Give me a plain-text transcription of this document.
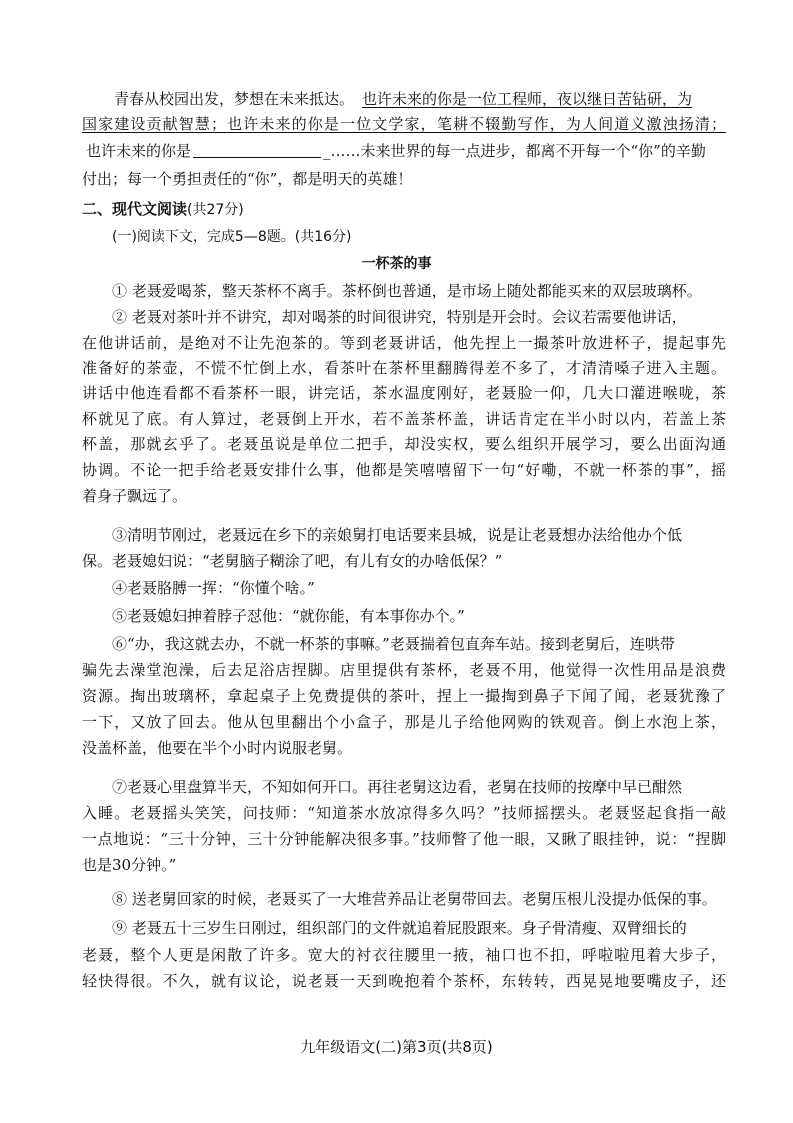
青春从校园出发，梦想在未来抵达。 也许未来的你是一位工程师，夜以继日苦钻研，为
国家建设贡献智慧；也许未来的你是一位文学家，笔耕不辍勤写作，为人间道义激浊扬清；
也许未来的你是	_……未来世界的每一点进步，都离不开每一个“你”的辛勤
付出；每一个勇担责任的“你”，都是明天的英雄！
二、现代文阅读(共27分)
(一)阅读下文，完成5—8题。(共16分)
一杯茶的事
① 老聂爱喝茶，整天茶杯不离手。茶杯倒也普通，是市场上随处都能买来的双层玻璃杯。
② 老聂对茶叶并不讲究，却对喝茶的时间很讲究，特别是开会时。会议若需要他讲话，
在他讲话前，是绝对不让先泡茶的。等到老聂讲话，他先捏上一撮茶叶放进杯子，提起事先
准备好的茶壶，不慌不忙倒上水，看茶叶在茶杯里翻腾得差不多了，才清清嗓子进入主题。
讲话中他连看都不看茶杯一眼，讲完话，茶水温度刚好，老聂脸一仰，几大口灌进喉咙，茶
杯就见了底。有人算过，老聂倒上开水，若不盖茶杯盖，讲话肯定在半小时以内，若盖上茶
杯盖，那就玄乎了。老聂虽说是单位二把手，却没实权，要么组织开展学习，要么出面沟通
协调。不论一把手给老聂安排什么事，他都是笑嘻嘻留下一句“好嘞，不就一杯茶的事”，摇
着身子飘远了。
③清明节刚过，老聂远在乡下的亲娘舅打电话要来县城，说是让老聂想办法给他办个低
保。老聂媳妇说：“老舅脑子糊涂了吧，有儿有女的办啥低保？”
④老聂胳膊一挥：“你懂个啥。”
⑤老聂媳妇抻着脖子怼他：“就你能，有本事你办个。”
⑥“办，我这就去办，不就一杯茶的事嘛。”老聂揣着包直奔车站。接到老舅后，连哄带
骗先去澡堂泡澡，后去足浴店捏脚。店里提供有茶杯，老聂不用，他觉得一次性用品是浪费
资源。掏出玻璃杯，拿起桌子上免费提供的茶叶，捏上一撮掏到鼻子下闻了闻，老聂犹豫了
一下，又放了回去。他从包里翻出个小盒子，那是儿子给他网购的铁观音。倒上水泡上茶，
没盖杯盖，他要在半个小时内说服老舅。
⑦老聂心里盘算半天，不知如何开口。再往老舅这边看，老舅在技师的按摩中早已酣然
入睡。老聂摇头笑笑，问技师：“知道茶水放凉得多久吗？”技师摇摆头。老聂竖起食指一敲
一点地说：“三十分钟，三十分钟能解决很多事。”技师瞥了他一眼，又瞅了眼挂钟，说：“捏脚
也是30分钟。”
⑧ 送老舅回家的时候，老聂买了一大堆营养品让老舅带回去。老舅压根儿没提办低保的事。
⑨ 老聂五十三岁生日刚过，组织部门的文件就追着屁股跟来。身子骨清瘦、双臂细长的
老聂，整个人更是闲散了许多。宽大的衬衣往腰里一掖，袖口也不扣，呼啦啦甩着大步子，
轻快得很。不久，就有议论，说老聂一天到晚抱着个茶杯，东转转，西晃晃地要嘴皮子，还
九年级语文(二)第3页(共8页)
